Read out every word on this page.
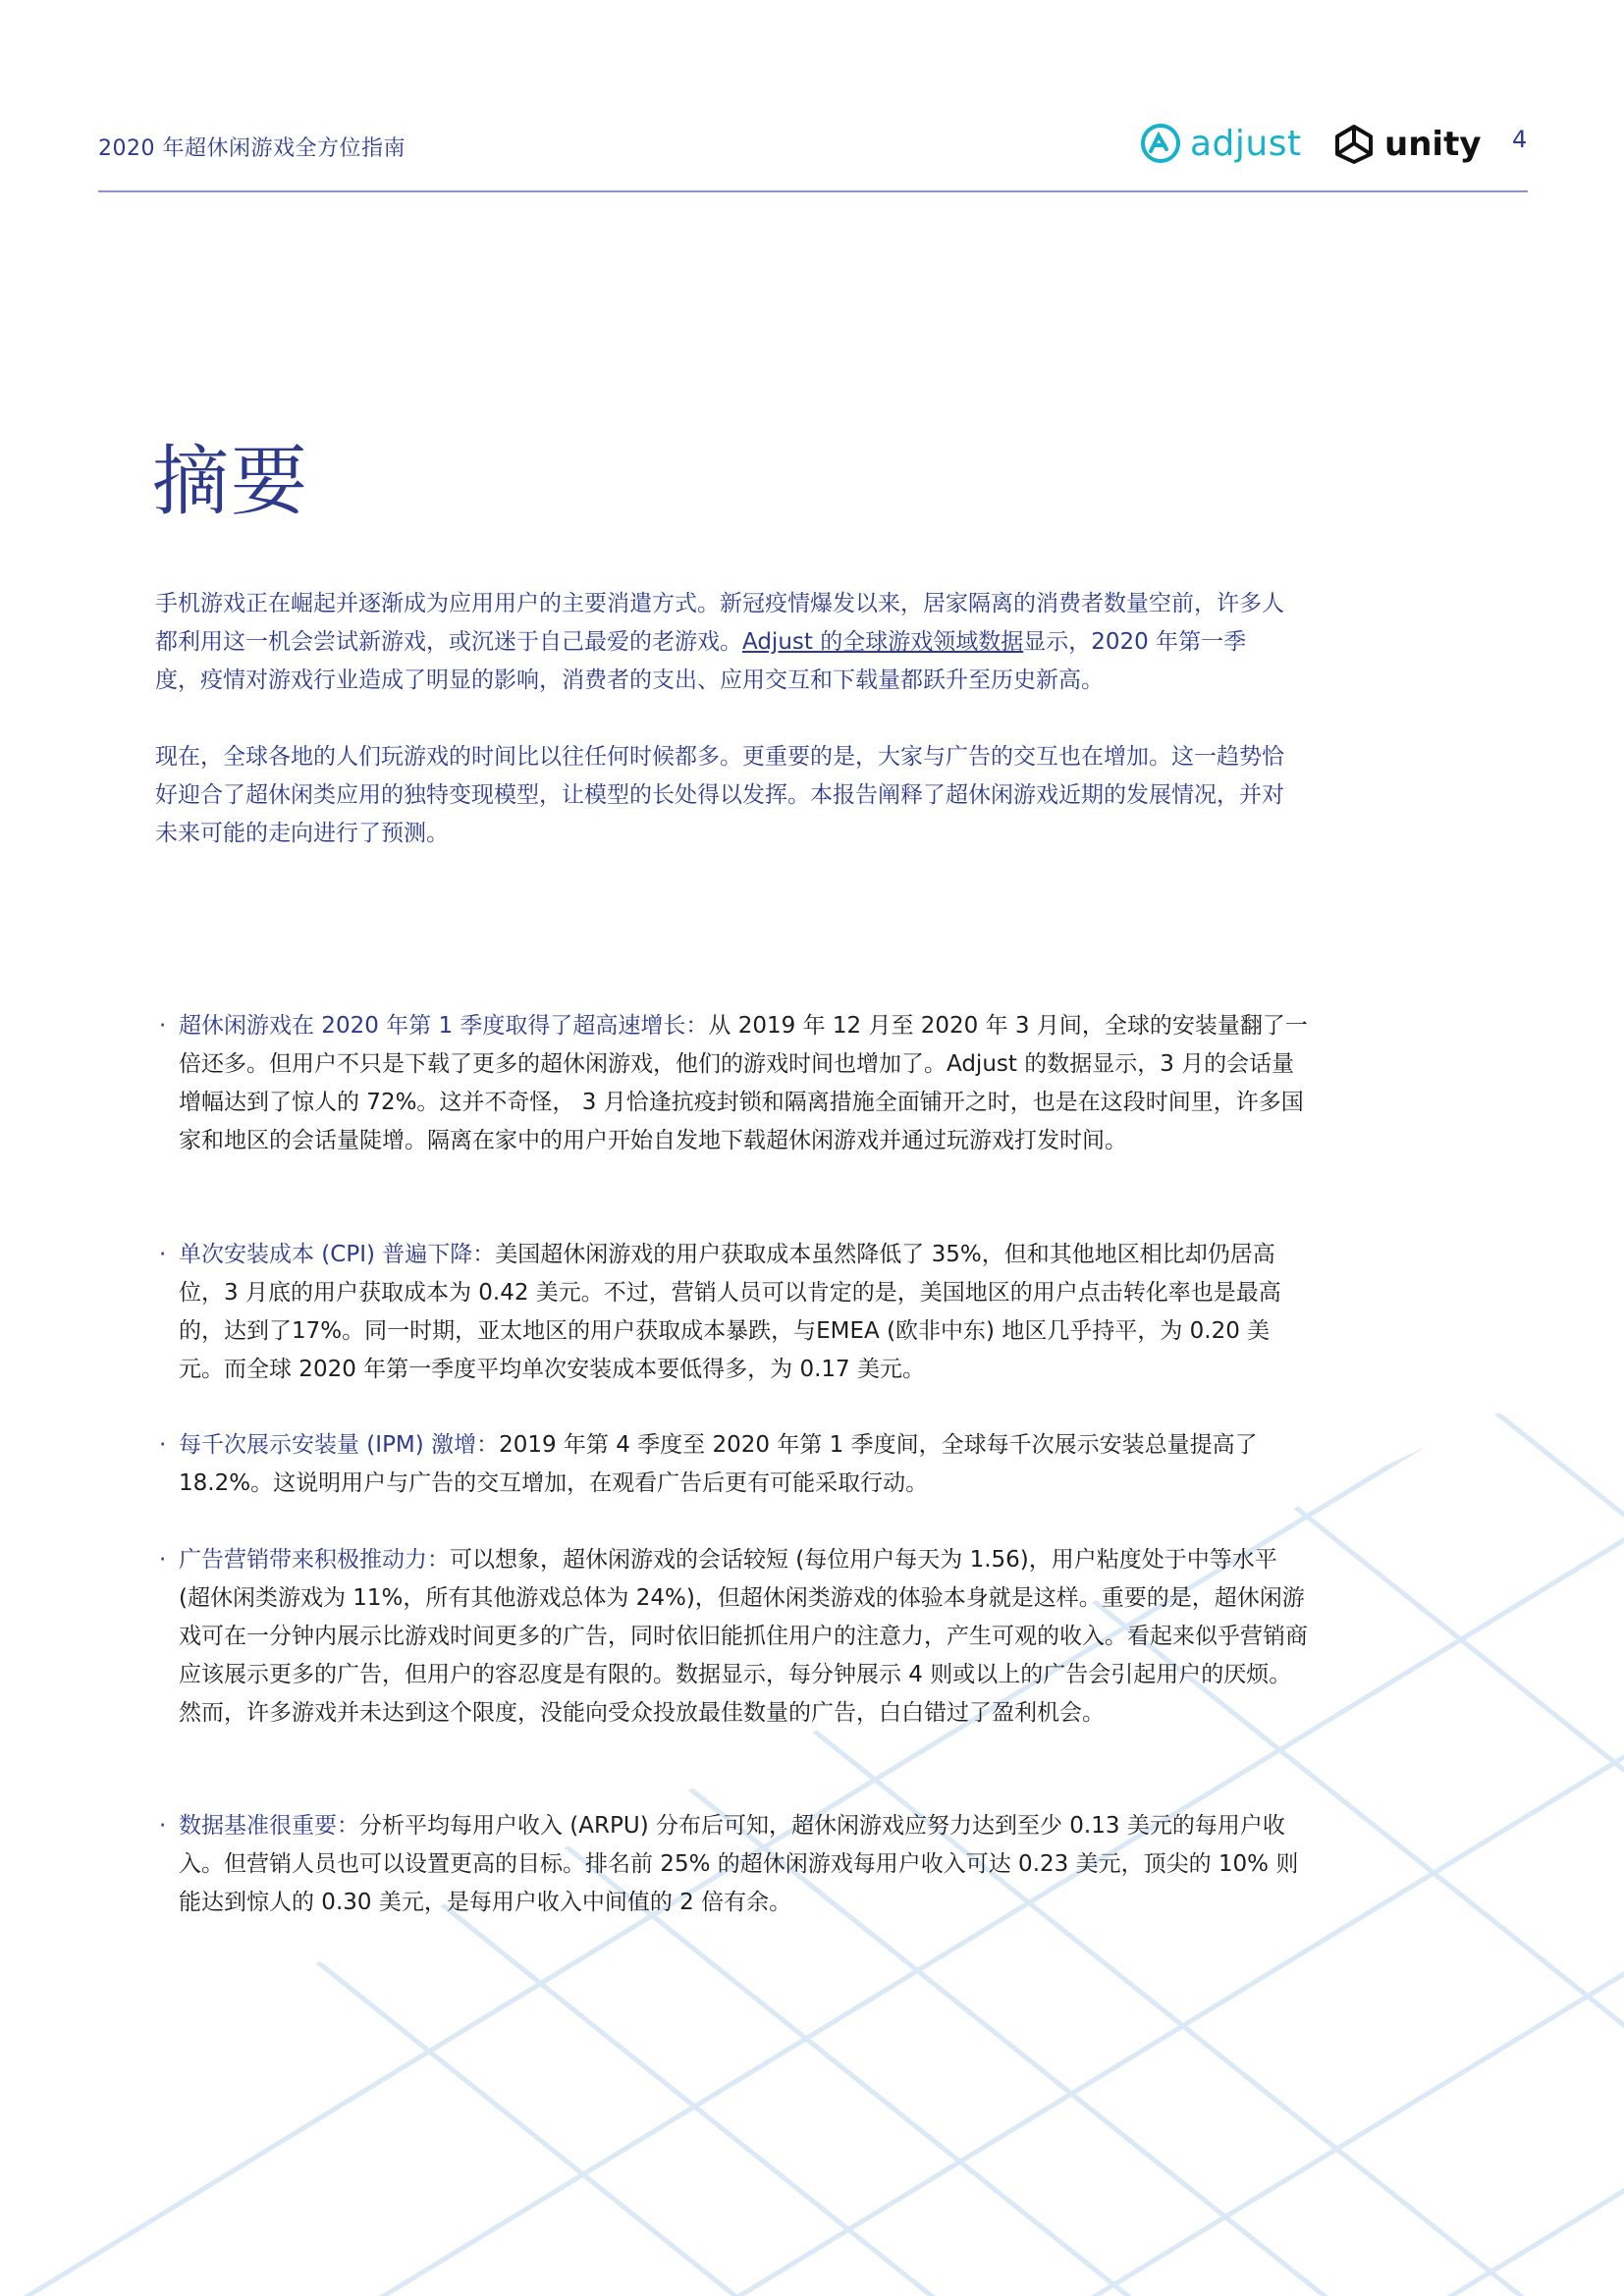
2020 年超休闲游戏全方位指南	adjust unity 4
摘要

手机游戏正在崛起并逐渐成为应用用户的主要消遣方式。新冠疫情爆发以来，居家隔离的消费者数量空前，许多人都利用这一机会尝试新游戏，或沉迷于自己最爱的老游戏。Adjust 的全球游戏领域数据显示，2020 年第一季度，疫情对游戏行业造成了明显的影响，消费者的支出、应用交互和下载量都跃升至历史新高。

现在，全球各地的人们玩游戏的时间比以往任何时候都多。更重要的是，大家与广告的交互也在增加。这一趋势恰好迎合了超休闲类应用的独特变现模型，让模型的长处得以发挥。本报告阐释了超休闲游戏近期的发展情况，并对未来可能的走向进行了预测。

· 超休闲游戏在 2020 年第 1 季度取得了超高速增长：从 2019 年 12 月至 2020 年 3 月间，全球的安装量翻了一倍还多。但用户不只是下载了更多的超休闲游戏，他们的游戏时间也增加了。Adjust 的数据显示，3 月的会话量增幅达到了惊人的 72%。这并不奇怪， 3 月恰逢抗疫封锁和隔离措施全面铺开之时，也是在这段时间里，许多国家和地区的会话量陡增。隔离在家中的用户开始自发地下载超休闲游戏并通过玩游戏打发时间。

· 单次安装成本 (CPI) 普遍下降：美国超休闲游戏的用户获取成本虽然降低了 35%，但和其他地区相比却仍居高位，3 月底的用户获取成本为 0.42 美元。不过，营销人员可以肯定的是，美国地区的用户点击转化率也是最高的，达到了17%。同一时期，亚太地区的用户获取成本暴跌，与EMEA (欧非中东) 地区几乎持平，为 0.20 美元。而全球 2020 年第一季度平均单次安装成本要低得多，为 0.17 美元。

· 每千次展示安装量 (IPM) 激增：2019 年第 4 季度至 2020 年第 1 季度间，全球每千次展示安装总量提高了 18.2%。这说明用户与广告的交互增加，在观看广告后更有可能采取行动。

· 广告营销带来积极推动力：可以想象，超休闲游戏的会话较短 (每位用户每天为 1.56)，用户粘度处于中等水平 (超休闲类游戏为 11%，所有其他游戏总体为 24%)，但超休闲类游戏的体验本身就是这样。重要的是，超休闲游戏可在一分钟内展示比游戏时间更多的广告，同时依旧能抓住用户的注意力，产生可观的收入。看起来似乎营销商应该展示更多的广告，但用户的容忍度是有限的。数据显示，每分钟展示 4 则或以上的广告会引起用户的厌烦。然而，许多游戏并未达到这个限度，没能向受众投放最佳数量的广告，白白错过了盈利机会。

· 数据基准很重要：分析平均每用户收入 (ARPU) 分布后可知，超休闲游戏应努力达到至少 0.13 美元的每用户收入。但营销人员也可以设置更高的目标。排名前 25% 的超休闲游戏每用户收入可达 0.23 美元，顶尖的 10% 则能达到惊人的 0.30 美元，是每用户收入中间值的 2 倍有余。
